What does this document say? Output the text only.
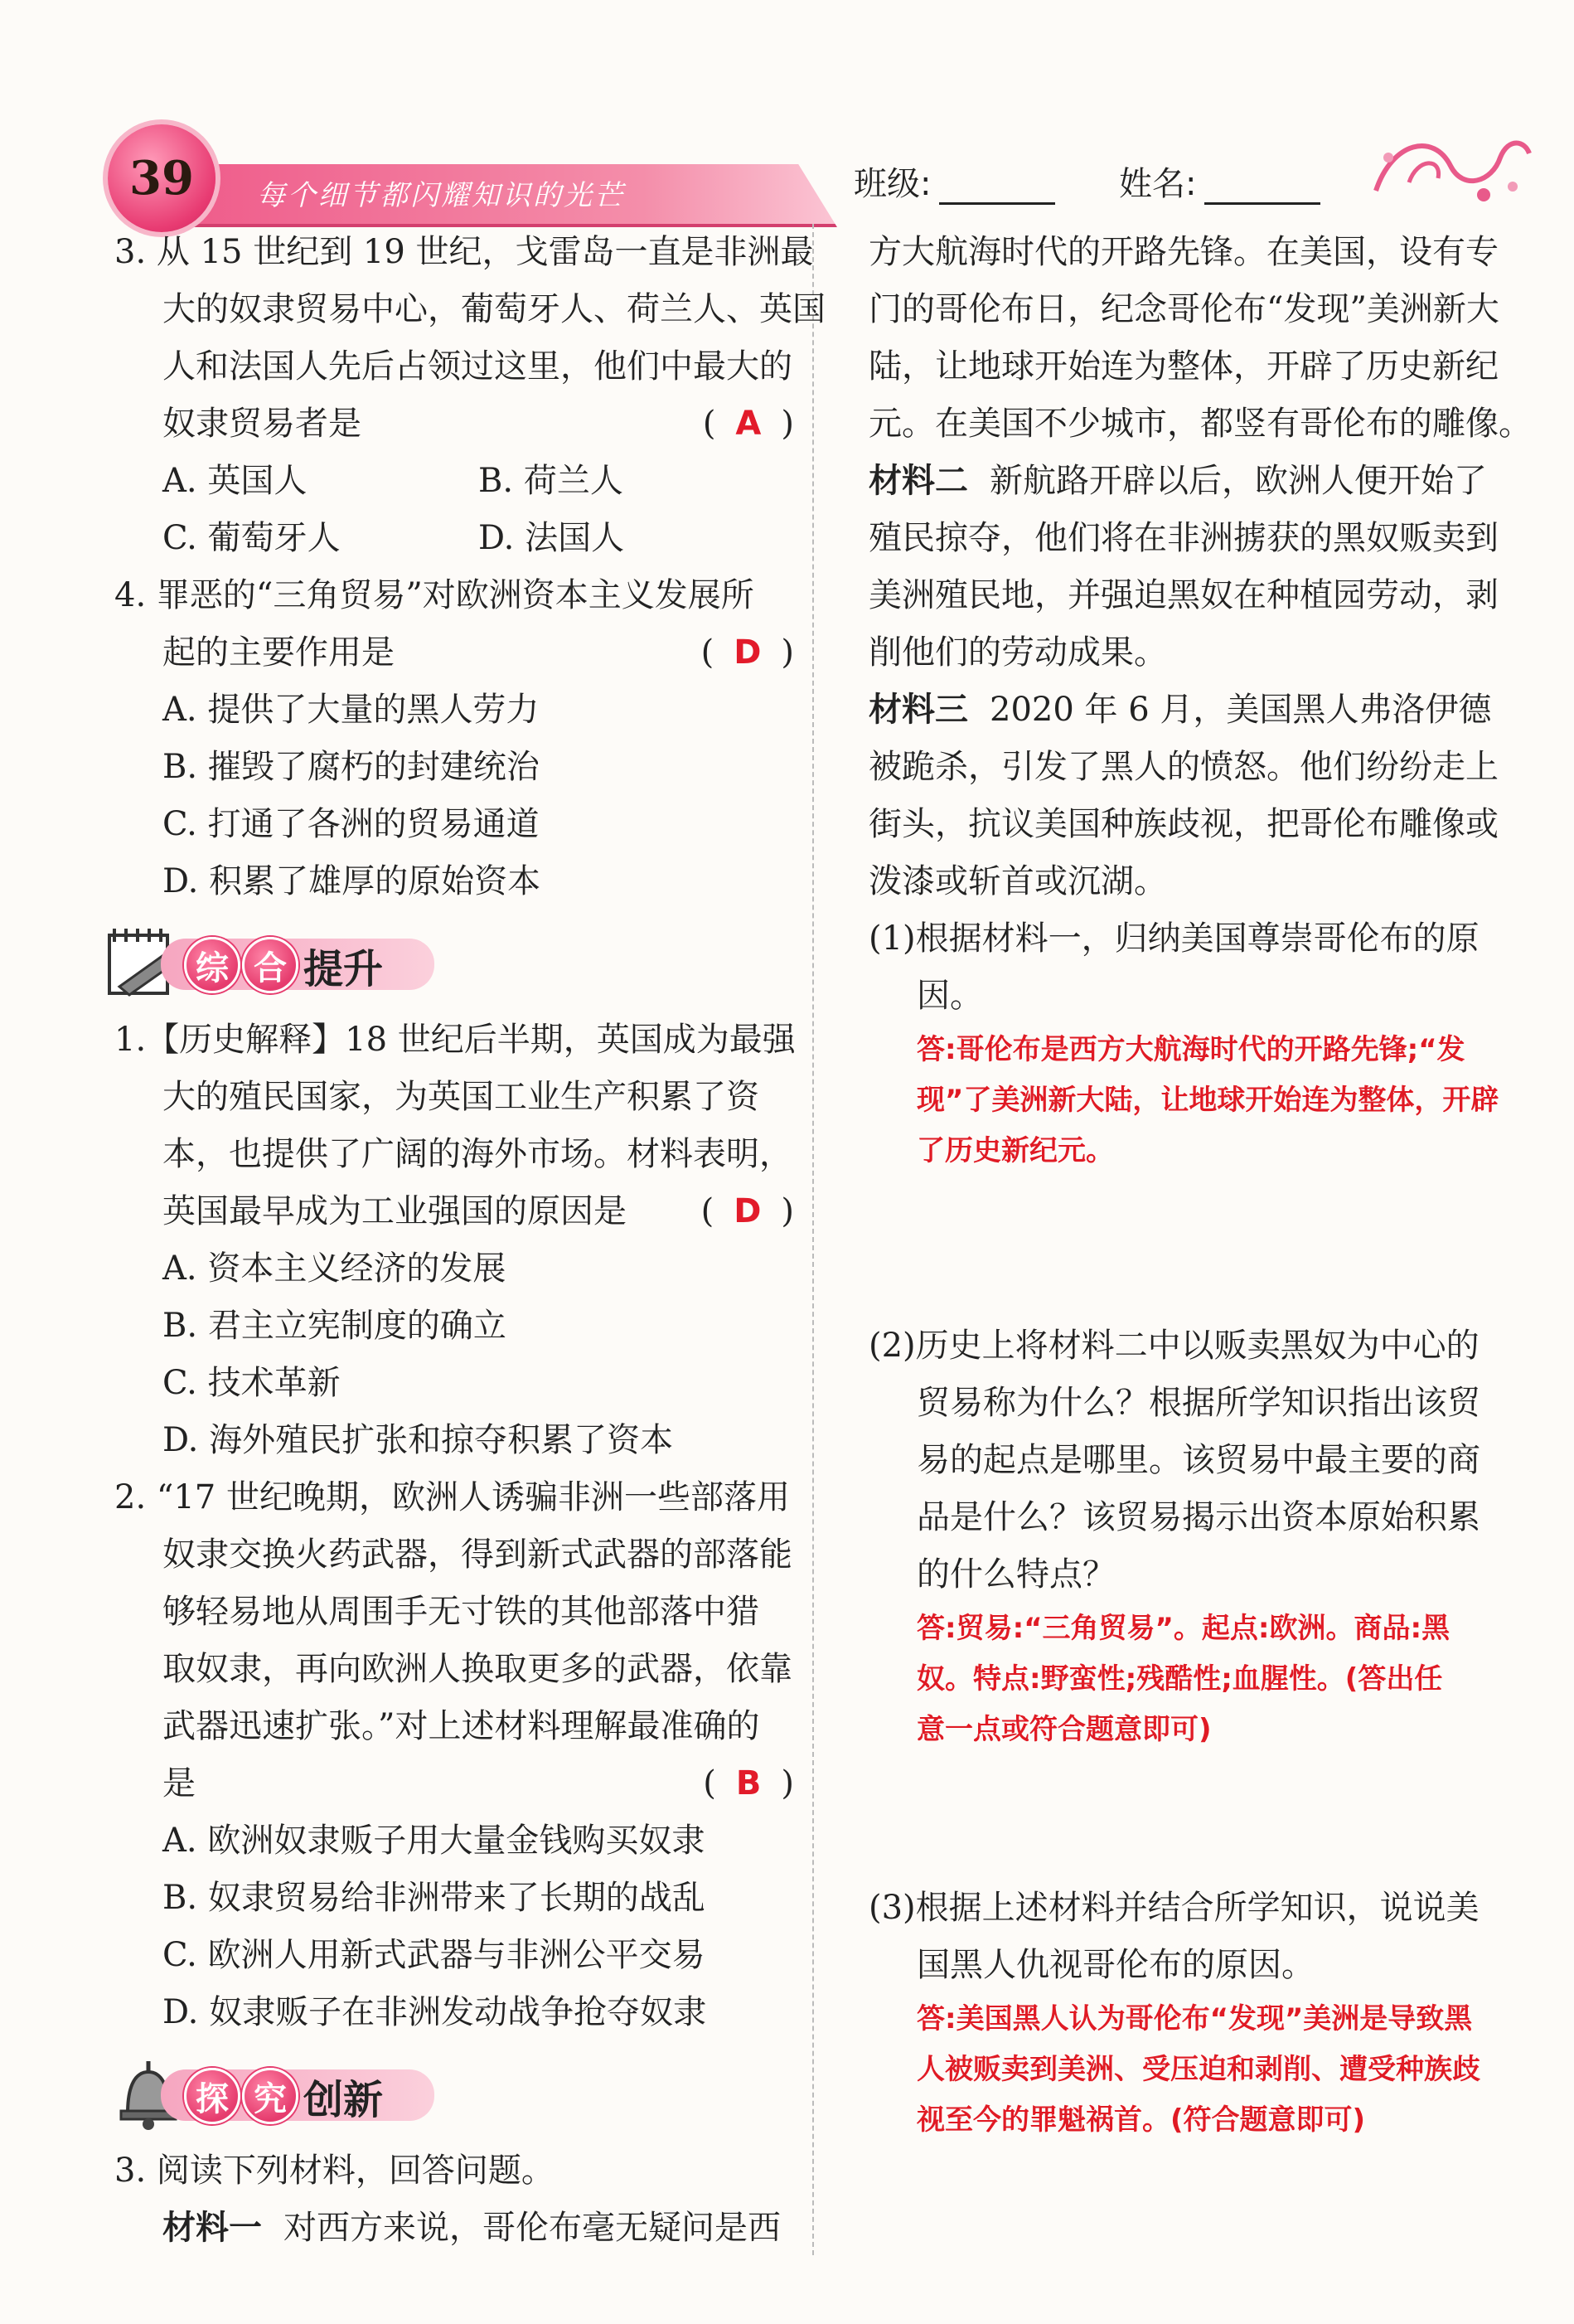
39	每个细节都闪耀知识的光芒	班级:	姓名:
3. 从 15 世纪到 19 世纪，戈雷岛一直是非洲最
大的奴隶贸易中心，葡萄牙人、荷兰人、英国
人和法国人先后占领过这里，他们中最大的
奴隶贸易者是	( A )
A. 英国人	B. 荷兰人
C. 葡萄牙人	D. 法国人
4. 罪恶的“三角贸易”对欧洲资本主义发展所
起的主要作用是	( D )
A. 提供了大量的黑人劳力
B. 摧毁了腐朽的封建统治
C. 打通了各洲的贸易通道
D. 积累了雄厚的原始资本
综 合 提升
1.【历史解释】18 世纪后半期，英国成为最强
大的殖民国家，为英国工业生产积累了资
本，也提供了广阔的海外市场。材料表明，
英国最早成为工业强国的原因是 ( D )
A. 资本主义经济的发展
B. 君主立宪制度的确立
C. 技术革新
D. 海外殖民扩张和掠夺积累了资本
2. “17 世纪晚期，欧洲人诱骗非洲一些部落用
奴隶交换火药武器，得到新式武器的部落能
够轻易地从周围手无寸铁的其他部落中猎
取奴隶，再向欧洲人换取更多的武器，依靠
武器迅速扩张。”对上述材料理解最准确的
是	( B )
A. 欧洲奴隶贩子用大量金钱购买奴隶
B. 奴隶贸易给非洲带来了长期的战乱
C. 欧洲人用新式武器与非洲公平交易
D. 奴隶贩子在非洲发动战争抢夺奴隶
探 究 创新
3. 阅读下列材料，回答问题。
材料一 对西方来说，哥伦布毫无疑问是西
方大航海时代的开路先锋。在美国，设有专
门的哥伦布日，纪念哥伦布“发现”美洲新大
陆，让地球开始连为整体，开辟了历史新纪
元。在美国不少城市，都竖有哥伦布的雕像。
材料二 新航路开辟以后，欧洲人便开始了
殖民掠夺，他们将在非洲掳获的黑奴贩卖到
美洲殖民地，并强迫黑奴在种植园劳动，剥
削他们的劳动成果。
材料三 2020 年 6 月，美国黑人弗洛伊德
被跪杀，引发了黑人的愤怒。他们纷纷走上
街头，抗议美国种族歧视，把哥伦布雕像或
泼漆或斩首或沉湖。
(1)根据材料一，归纳美国尊崇哥伦布的原
因。
答:哥伦布是西方大航海时代的开路先锋;“发
现”了美洲新大陆，让地球开始连为整体，开辟
了历史新纪元。
(2)历史上将材料二中以贩卖黑奴为中心的
贸易称为什么？根据所学知识指出该贸
易的起点是哪里。该贸易中最主要的商
品是什么？该贸易揭示出资本原始积累
的什么特点？
答:贸易:“三角贸易”。起点:欧洲。商品:黑
奴。特点:野蛮性;残酷性;血腥性。(答出任
意一点或符合题意即可)
(3)根据上述材料并结合所学知识，说说美
国黑人仇视哥伦布的原因。
答:美国黑人认为哥伦布“发现”美洲是导致黑
人被贩卖到美洲、受压迫和剥削、遭受种族歧
视至今的罪魁祸首。(符合题意即可)
